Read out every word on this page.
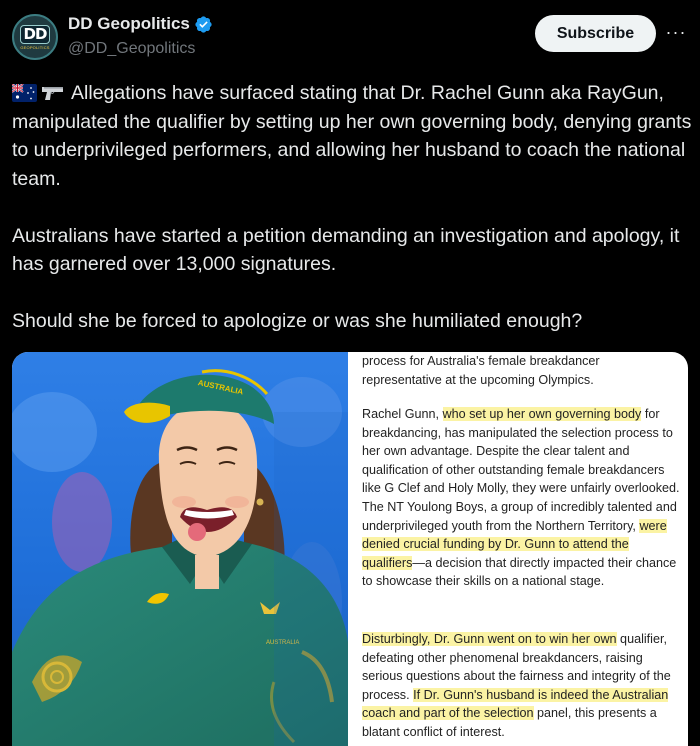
DD
GEOPOLITICS
DD Geopolitics
@DD_Geopolitics
Subscribe	···

Allegations have surfaced stating that Dr. Rachel Gunn aka RayGun, manipulated the qualifier by setting up her own governing body, denying grants to underprivileged performers, and allowing her husband to coach the national team.

Australians have started a petition demanding an investigation and apology, it has garnered over 13,000 signatures.

Should she be forced to apologize or was she humiliated enough?

AUSTRALIA
AUSTRALIA
process for Australia's female breakdancer
representative at the upcoming Olympics.
Rachel Gunn, who set up her own governing body for breakdancing, has manipulated the selection process to her own advantage. Despite the clear talent and qualification of other outstanding female breakdancers like G Clef and Holy Molly, they were unfairly overlooked. The NT Youlong Boys, a group of incredibly talented and underprivileged youth from the Northern Territory, were denied crucial funding by Dr. Gunn to attend the qualifiers—a decision that directly impacted their chance to showcase their skills on a national stage.
Disturbingly, Dr. Gunn went on to win her own qualifier, defeating other phenomenal breakdancers, raising serious questions about the fairness and integrity of the process. If Dr. Gunn's husband is indeed the Australian coach and part of the selection panel, this presents a blatant conflict of interest.
